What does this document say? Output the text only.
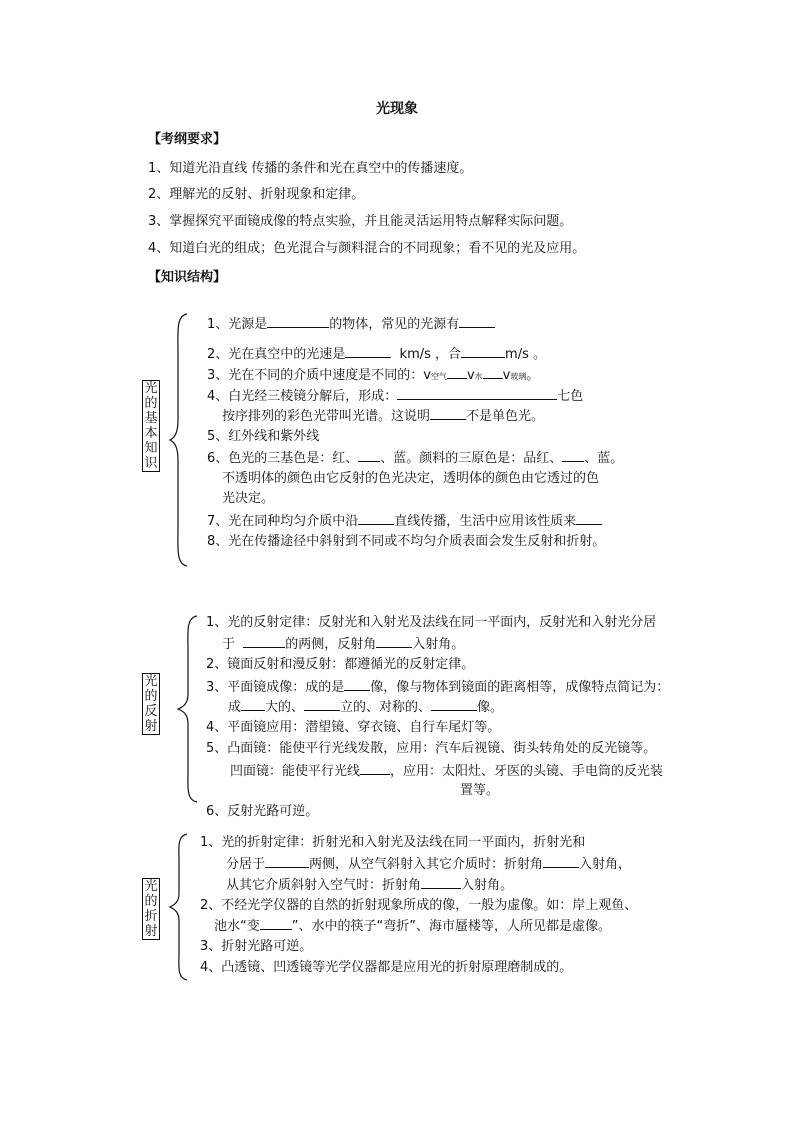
光现象
【考纲要求】
1、知道光沿直线 传播的条件和光在真空中的传播速度。
2、理解光的反射、折射现象和定律。
3、掌握探究平面镜成像的特点实验，并且能灵活运用特点解释实际问题。
4、知道白光的组成；色光混合与颜料混合的不同现象；看不见的光及应用。
【知识结构】
光
的
基
本
知
识
1、光源是	的物体，常见的光源有
2、光在真空中的光速是	km/s ，合	m/s 。
3、光在不同的介质中速度是不同的：v空气 v水 v玻璃。
4、白光经三棱镜分解后，形成：	七色
按序排列的彩色光带叫光谱。这说明	不是单色光。
5、红外线和紫外线
6、色光的三基色是：红、 、蓝。颜料的三原色是：品红、 、蓝。
不透明体的颜色由它反射的色光决定，透明体的颜色由它透过的色
光决定。
7、光在同种均匀介质中沿	直线传播，生活中应用该性质来
8、光在传播途径中斜射到不同或不均匀介质表面会发生反射和折射。
光
的
反
射
1、光的反射定律：反射光和入射光及法线在同一平面内，反射光和入射光分居
于	的两侧，反射角	入射角。
2、镜面反射和漫反射：都遵循光的反射定律。
3、平面镜成像：成的是 像，像与物体到镜面的距离相等，成像特点简记为：
成 大的、	立的、对称的、	像。
4、平面镜应用：潜望镜、穿衣镜、自行车尾灯等。
5、凸面镜：能使平行光线发散，应用：汽车后视镜、街头转角处的反光镜等。
凹面镜：能使平行光线 ，应用：太阳灶、牙医的头镜、手电筒的反光装
置等。
6、反射光路可逆。
光
的
折
射
1、光的折射定律：折射光和入射光及法线在同一平面内，折射光和
分居于	两侧，从空气斜射入其它介质时：折射角	入射角，
从其它介质斜射入空气时：折射角	入射角。
2、不经光学仪器的自然的折射现象所成的像，一般为虚像。如：岸上观鱼、
池水“变 ”、水中的筷子“弯折”、海市蜃楼等，人所见都是虚像。
3、折射光路可逆。
4、凸透镜、凹透镜等光学仪器都是应用光的折射原理磨制成的。
